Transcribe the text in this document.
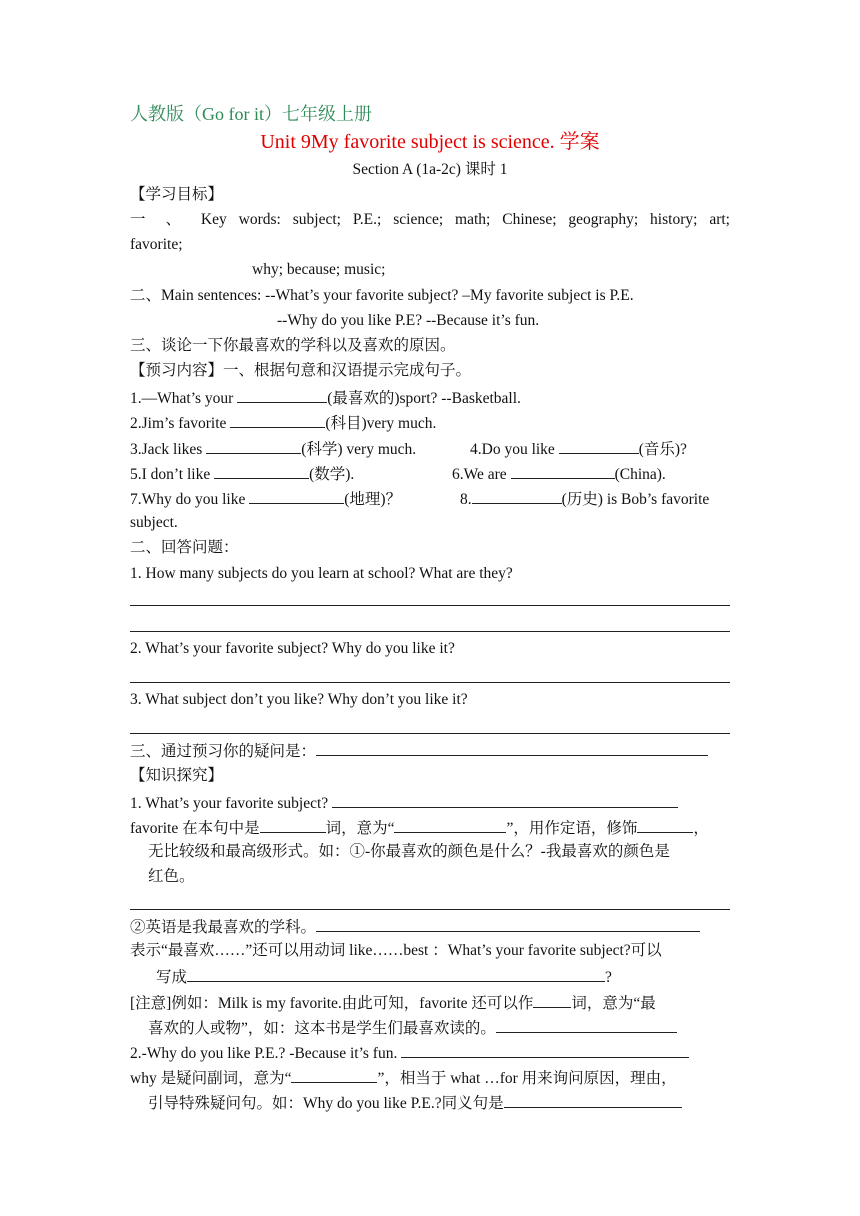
人教版（Go for it）七年级上册
Unit 9My favorite subject is science. 学案
Section A (1a-2c) 课时 1
【学习目标】
一 、 Key words: subject; P.E.; science; math; Chinese; geography; history; art;
favorite;
why; because; music;
二、Main sentences: --What’s your favorite subject? –My favorite subject is P.E.
--Why do you like P.E? --Because it’s fun.
三、谈论一下你最喜欢的学科以及喜欢的原因。
【预习内容】一、根据句意和汉语提示完成句子。
1.—What’s your	(最喜欢的)sport? --Basketball.
2.Jim’s favorite	(科目)very much.
3.Jack likes	(科学) very much.	4.Do you like	(音乐)?
5.I don’t like	(数学).	6.We are	(China).
7.Why do you like	(地理)？	8.	(历史) is Bob’s favorite
subject.
二、回答问题：
1. How many subjects do you learn at school? What are they?
2. What’s your favorite subject? Why do you like it?
3. What subject don’t you like? Why don’t you like it?
三、通过预习你的疑问是：
【知识探究】
1. What’s your favorite subject?
favorite 在本句中是	词，意为“	”，用作定语，修饰	，
无比较级和最高级形式。如：①-你最喜欢的颜色是什么？-我最喜欢的颜色是
红色。
②英语是我最喜欢的学科。
表示“最喜欢……”还可以用动词 like……best ：What’s your favorite subject?可以
写成	?
[注意]例如：Milk is my favorite.由此可知，favorite 还可以作 词，意为“最
喜欢的人或物”，如：这本书是学生们最喜欢读的。
2.-Why do you like P.E.? -Because it’s fun.
why 是疑问副词，意为“	”，相当于 what …for 用来询问原因，理由，
引导特殊疑问句。如：Why do you like P.E.?同义句是
